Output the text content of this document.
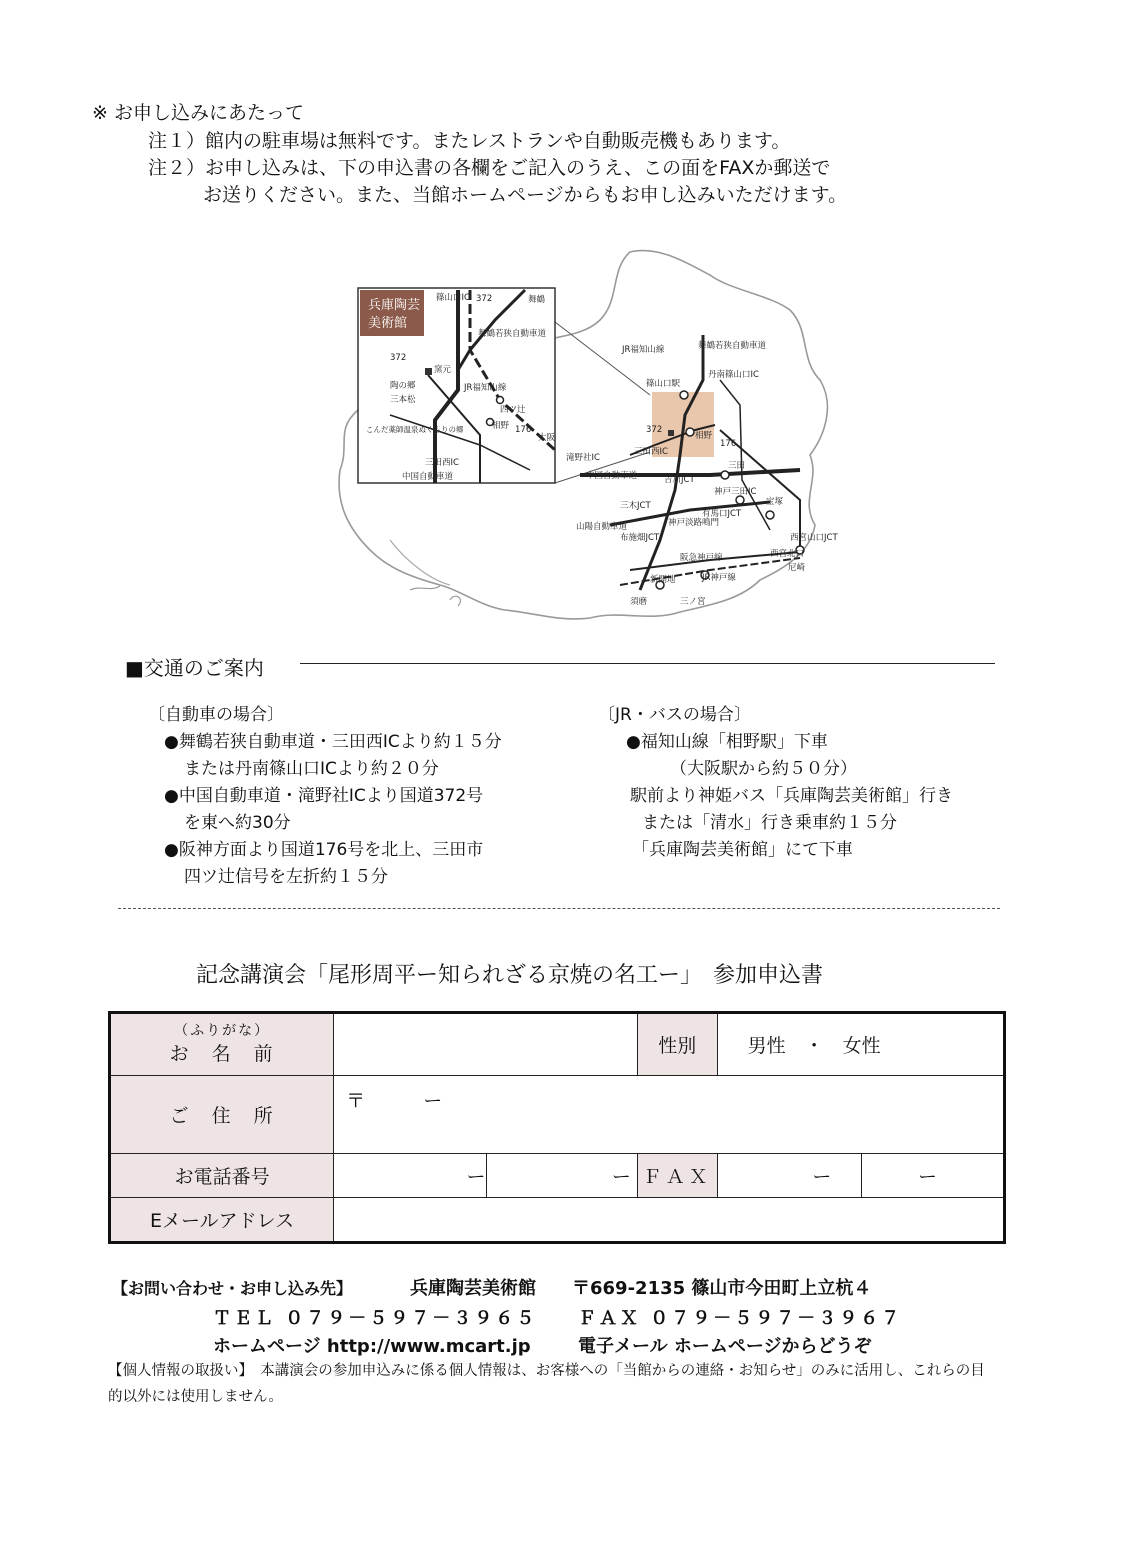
※ お申し込みにあたって
注１）館内の駐車場は無料です。またレストランや自動販売機もあります。
注２）お申し込みは、下の申込書の各欄をご記入のうえ、この面をFAXか郵送で
お送りください。また、当館ホームページからもお申し込みいただけます。
兵庫陶芸
美術館
篠山口IC 372	舞鶴
舞鶴若狭自動車道
372
窯元
陶の郷
三本松
こんだ薬師温泉ぬくもりの郷
JR福知山線
四ツ辻
相野 176
大阪
三田西IC
中国自動車道
JR福知山線	舞鶴若狭自動車道
篠山口駅
丹南篠山口IC
372
相野
176
滝野社IC
三田西IC
三田
中国自動車道	吉川JCT
神戸三田IC
宝塚
三木JCT
西宮山口JCT
有馬口JCT
山陽自動車道	神戸淡路鳴門
布施畑JCT
阪急神戸線	西宮北口
尼崎
新開地	JR神戸線
須磨	三ノ宮
■交通のご案内
〔自動車の場合〕
●舞鶴若狭自動車道・三田西ICより約１５分
または丹南篠山口ICより約２０分
●中国自動車道・滝野社ICより国道372号
を東へ約30分
●阪神方面より国道176号を北上、三田市
四ツ辻信号を左折約１５分
〔JR・バスの場合〕
●福知山線「相野駅」下車
（大阪駅から約５０分）
駅前より神姫バス「兵庫陶芸美術館」行き
または「清水」行き乗車約１５分
「兵庫陶芸美術館」にて下車
記念講演会「尾形周平ー知られざる京焼の名工ー」　参加申込書
（ふりがな）
お　名　前			性別	男性　・　女性	
ご　住　所	〒 ー				
お電話番号	ー	ー	ＦＡＸ	ー	ー
Eメールアドレス					
【お問い合わせ・お申し込み先】	兵庫陶芸美術館 〒669-2135 篠山市今田町上立杭４
ＴＥＬ ０７９－５９７－３９６５ ＦＡＸ ０７９－５９７－３９６７
ホームページ http://www.mcart.jp	電子メール ホームページからどうぞ
【個人情報の取扱い】　本講演会の参加申込みに係る個人情報は、お客様への「当館からの連絡・お知らせ」のみに活用し、これらの目的以外には使用しません。
